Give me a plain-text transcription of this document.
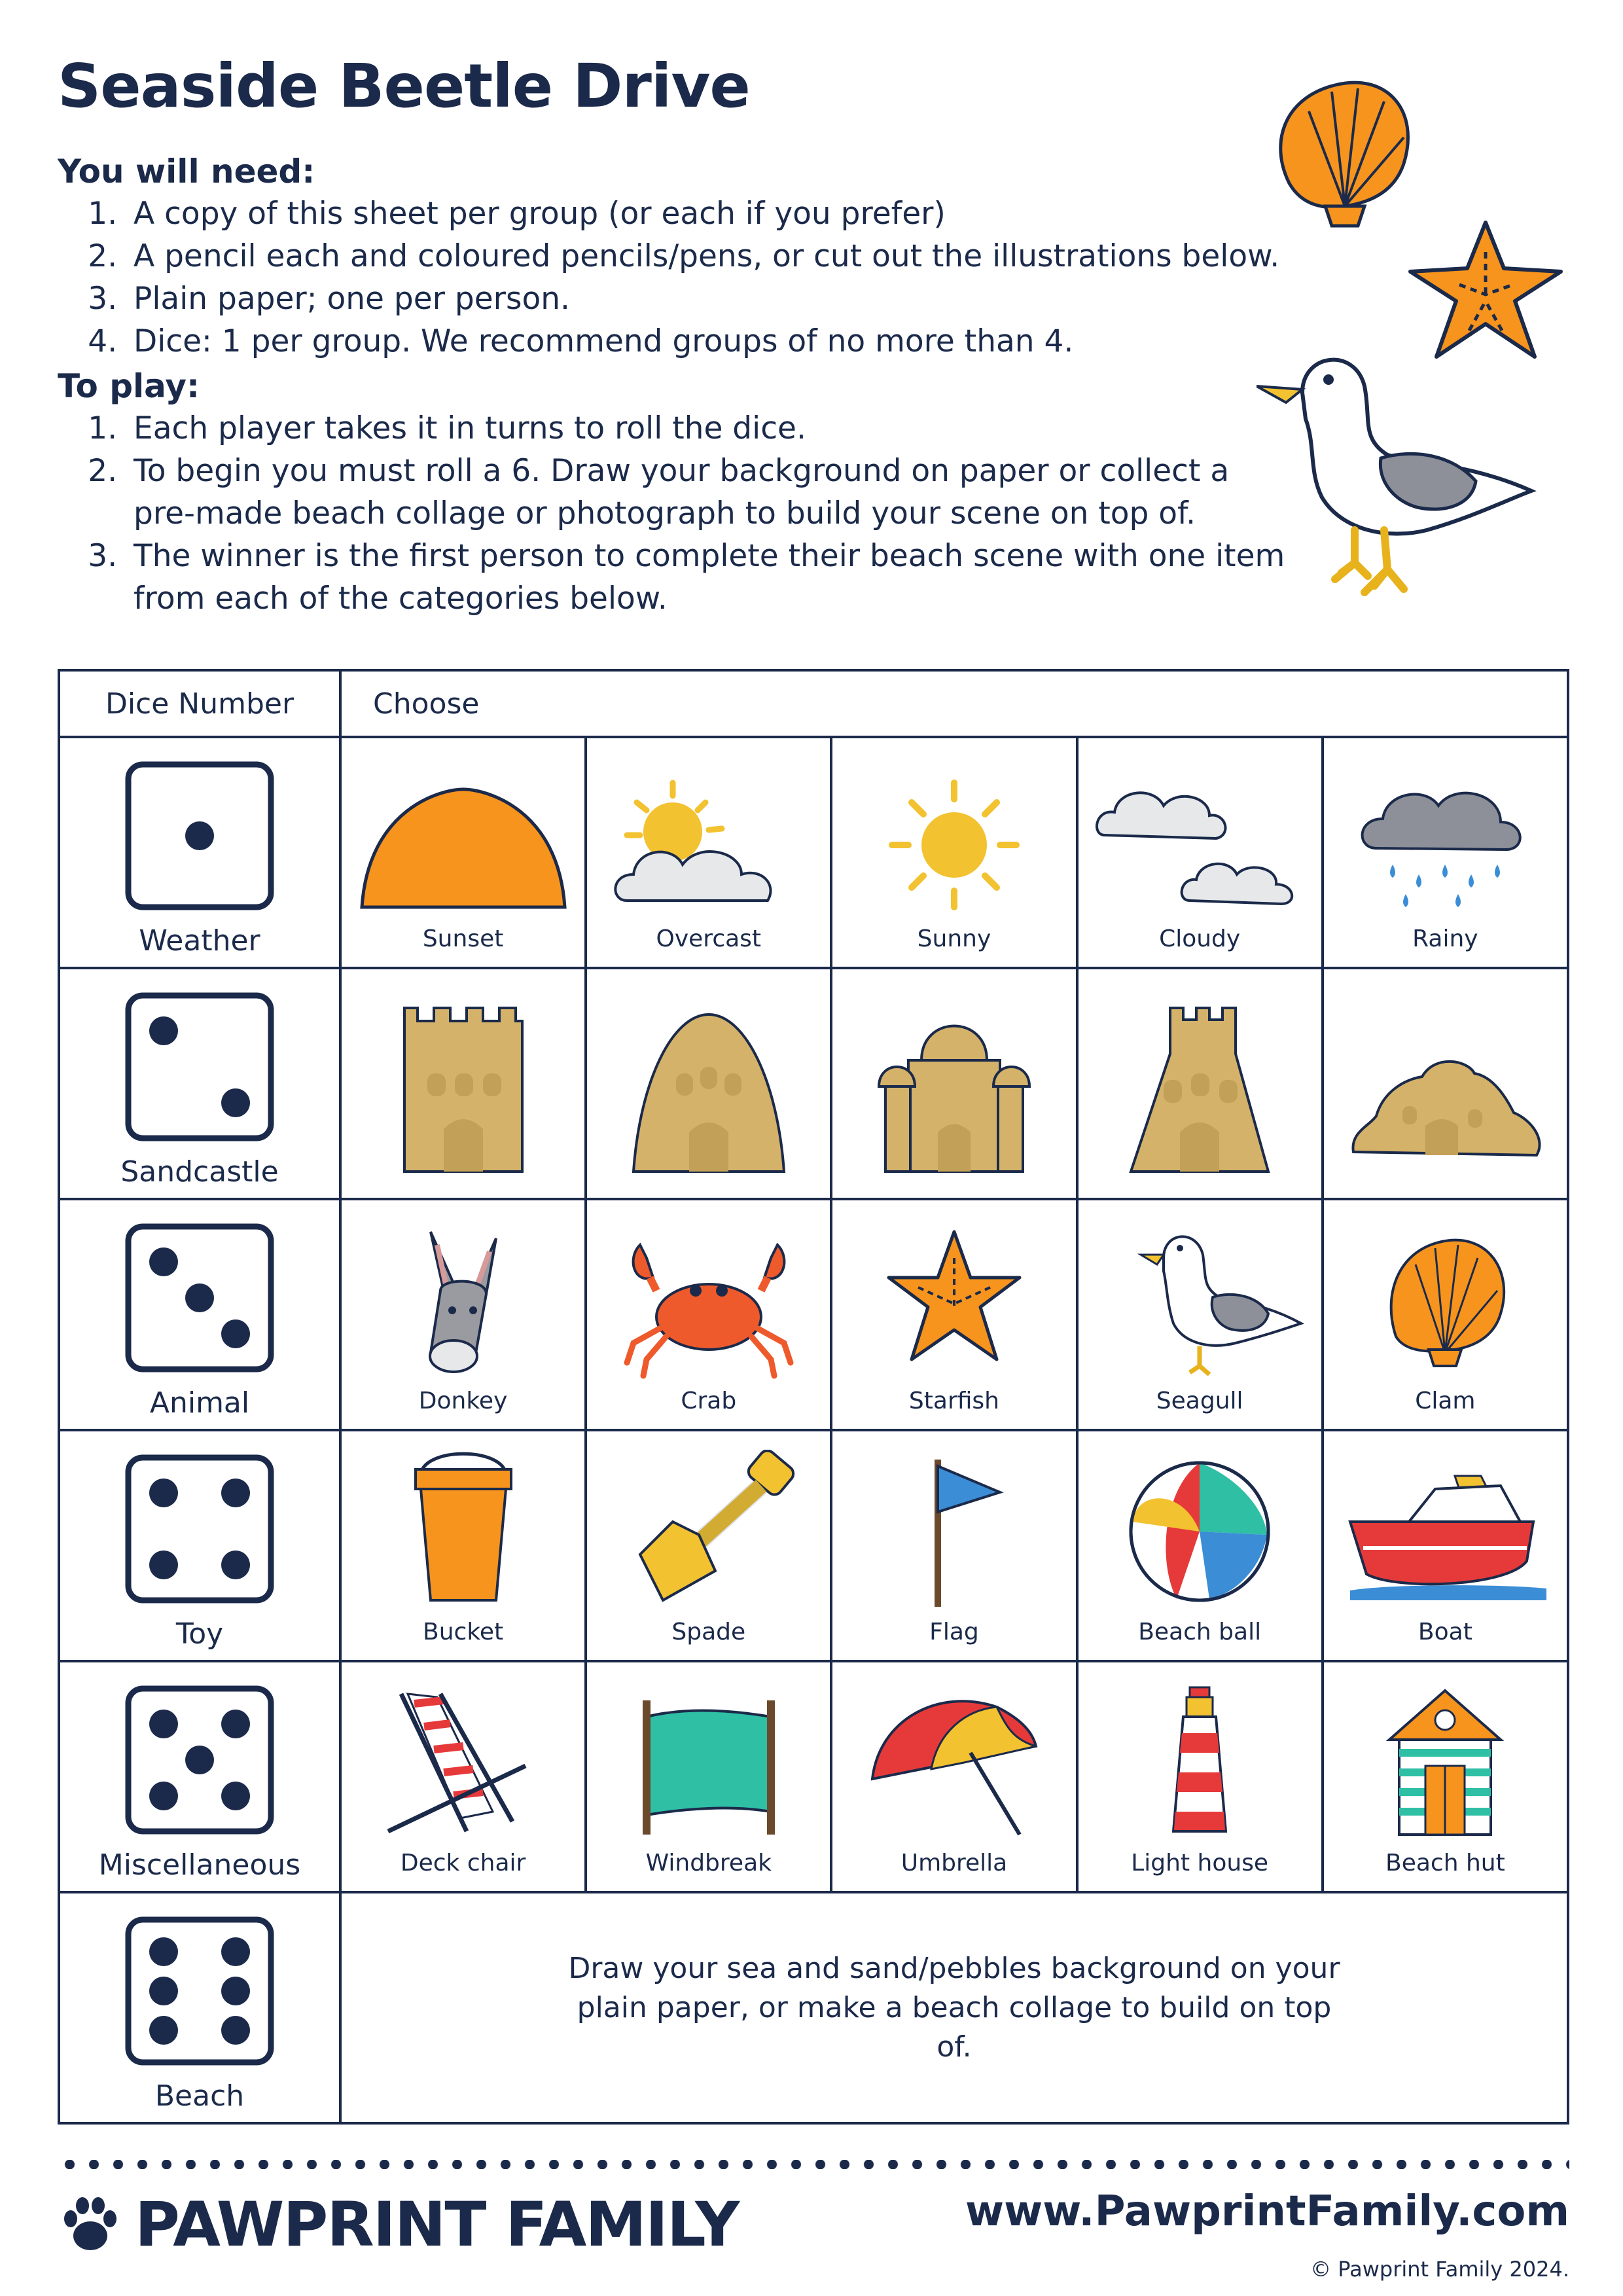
Seaside Beetle Drive
You will need:
1. A copy of this sheet per group (or each if you prefer)
2. A pencil each and coloured pencils/pens, or cut out the illustrations below.
3. Plain paper; one per person.
4. Dice: 1 per group. We recommend groups of no more than 4.
To play:
1. Each player takes it in turns to roll the dice.
2. To begin you must roll a 6. Draw your background on paper or collect a pre-made beach collage or photograph to build your scene on top of.
3. The winner is the first person to complete their beach scene with one item from each of the categories below.
Dice Number	Choose				

Weather	Sunset	Overcast	Sunny	Cloudy	Rainy

Sandcastle

Animal	Donkey	Crab	Starfish	Seagull	Clam

Toy	Bucket	Spade	Flag	Beach ball	Boat

Miscellaneous	Deck chair	Windbreak	Umbrella	Light house	Beach hut

Beach	Draw your sea and sand/pebbles background on your plain paper, or make a beach collage to build on top of.				
PAWPRINT FAMILY	www.PawprintFamily.com
© Pawprint Family 2024.
